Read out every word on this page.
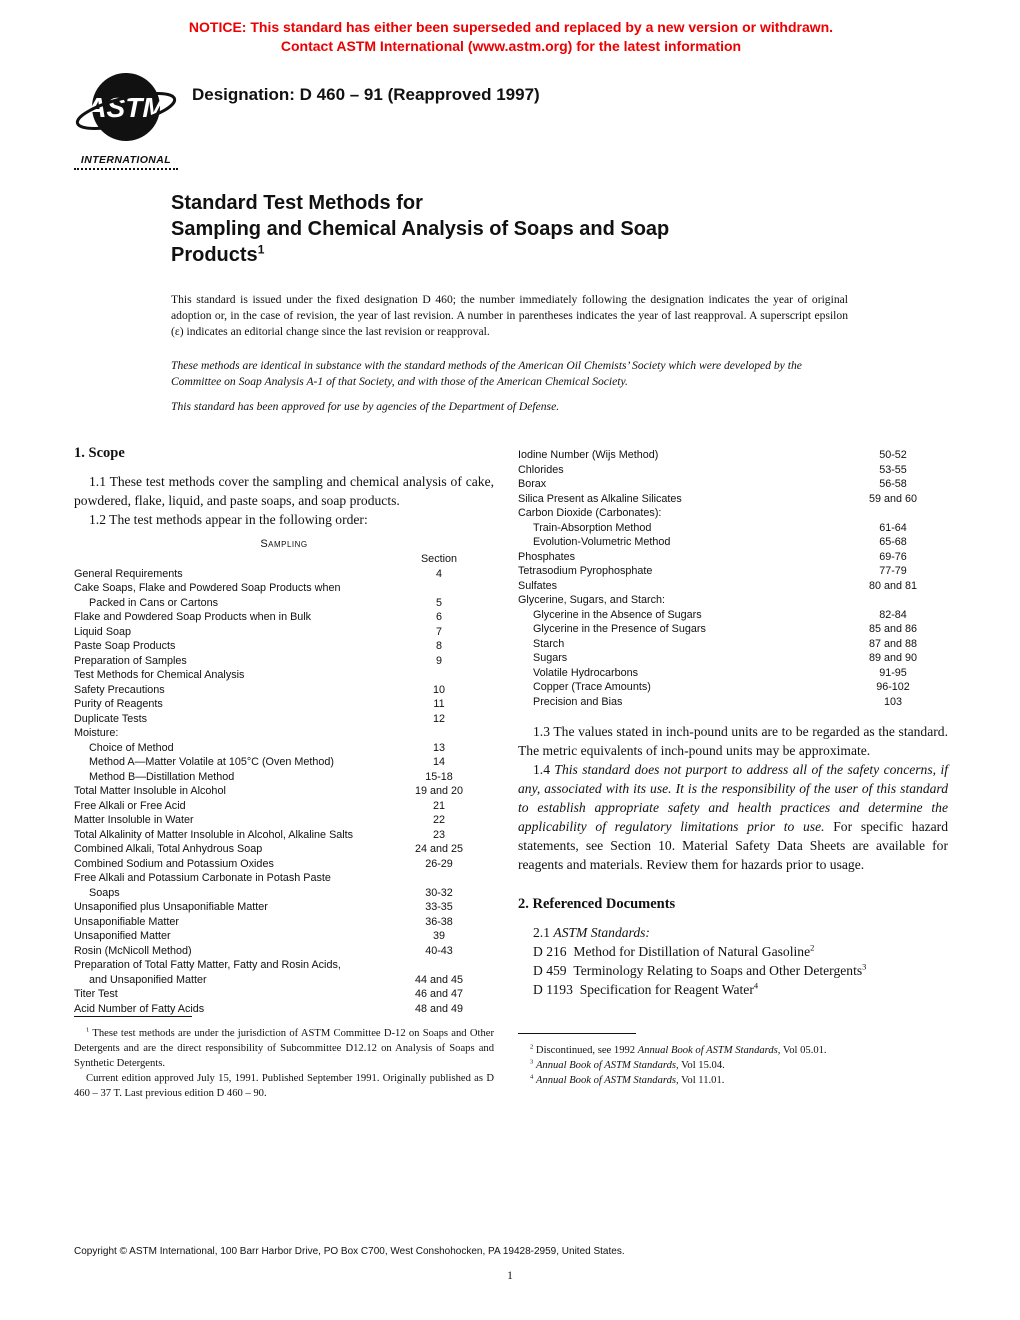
NOTICE: This standard has either been superseded and replaced by a new version or withdrawn.
Contact ASTM International (www.astm.org) for the latest information
ASTM
INTERNATIONAL
Designation: D 460 – 91 (Reapproved 1997)
Standard Test Methods for
Sampling and Chemical Analysis of Soaps and Soap
Products$^1$
This standard is issued under the fixed designation D 460; the number immediately following the designation indicates the year of original adoption or, in the case of revision, the year of last revision. A number in parentheses indicates the year of last reapproval. A superscript epsilon (ε) indicates an editorial change since the last revision or reapproval.

These methods are identical in substance with the standard methods of the American Oil Chemists’ Society which were developed by the Committee on Soap Analysis A-1 of that Society, and with those of the American Chemical Society.

This standard has been approved for use by agencies of the Department of Defense.

1. Scope

1.1 These test methods cover the sampling and chemical analysis of cake, powdered, flake, liquid, and paste soaps, and soap products.

1.2 The test methods appear in the following order:

Sampling
Section
General Requirements	4
Cake Soaps, Flake and Powdered Soap Products when
Packed in Cans or Cartons	5
Flake and Powdered Soap Products when in Bulk	6
Liquid Soap	7
Paste Soap Products	8
Preparation of Samples	9
Test Methods for Chemical Analysis
Safety Precautions	10
Purity of Reagents	11
Duplicate Tests	12
Moisture:
Choice of Method	13
Method A—Matter Volatile at 105°C (Oven Method)	14
Method B—Distillation Method	15-18
Total Matter Insoluble in Alcohol	19 and 20
Free Alkali or Free Acid	21
Matter Insoluble in Water	22
Total Alkalinity of Matter Insoluble in Alcohol, Alkaline Salts	23
Combined Alkali, Total Anhydrous Soap	24 and 25
Combined Sodium and Potassium Oxides	26-29
Free Alkali and Potassium Carbonate in Potash Paste
Soaps	30-32
Unsaponified plus Unsaponifiable Matter	33-35
Unsaponifiable Matter	36-38
Unsaponified Matter	39
Rosin (McNicoll Method)	40-43
Preparation of Total Fatty Matter, Fatty and Rosin Acids,
and Unsaponified Matter	44 and 45
Titer Test	46 and 47
Acid Number of Fatty Acids	48 and 49

$^1$ These test methods are under the jurisdiction of ASTM Committee D-12 on Soaps and Other Detergents and are the direct responsibility of Subcommittee D12.12 on Analysis of Soaps and Synthetic Detergents.

Current edition approved July 15, 1991. Published September 1991. Originally published as D 460 – 37 T. Last previous edition D 460 – 90.

Iodine Number (Wijs Method)	50-52
Chlorides	53-55
Borax	56-58
Silica Present as Alkaline Silicates	59 and 60
Carbon Dioxide (Carbonates):
Train-Absorption Method	61-64
Evolution-Volumetric Method	65-68
Phosphates	69-76
Tetrasodium Pyrophosphate	77-79
Sulfates	80 and 81
Glycerine, Sugars, and Starch:
Glycerine in the Absence of Sugars	82-84
Glycerine in the Presence of Sugars	85 and 86
Starch	87 and 88
Sugars	89 and 90
Volatile Hydrocarbons	91-95
Copper (Trace Amounts)	96-102
Precision and Bias	103

1.3 The values stated in inch-pound units are to be regarded as the standard. The metric equivalents of inch-pound units may be approximate.

1.4 This standard does not purport to address all of the safety concerns, if any, associated with its use. It is the responsibility of the user of this standard to establish appropriate safety and health practices and determine the applicability of regulatory limitations prior to use. For specific hazard statements, see Section 10. Material Safety Data Sheets are available for reagents and materials. Review them for hazards prior to usage.

2. Referenced Documents

2.1 ASTM Standards:

D 216 Method for Distillation of Natural Gasoline$^2$

D 459 Terminology Relating to Soaps and Other Detergents$^3$

D 1193 Specification for Reagent Water$^4$

$^2$ Discontinued, see 1992 Annual Book of ASTM Standards, Vol 05.01.

$^3$ Annual Book of ASTM Standards, Vol 15.04.

$^4$ Annual Book of ASTM Standards, Vol 11.01.

Copyright © ASTM International, 100 Barr Harbor Drive, PO Box C700, West Conshohocken, PA 19428-2959, United States.
1
